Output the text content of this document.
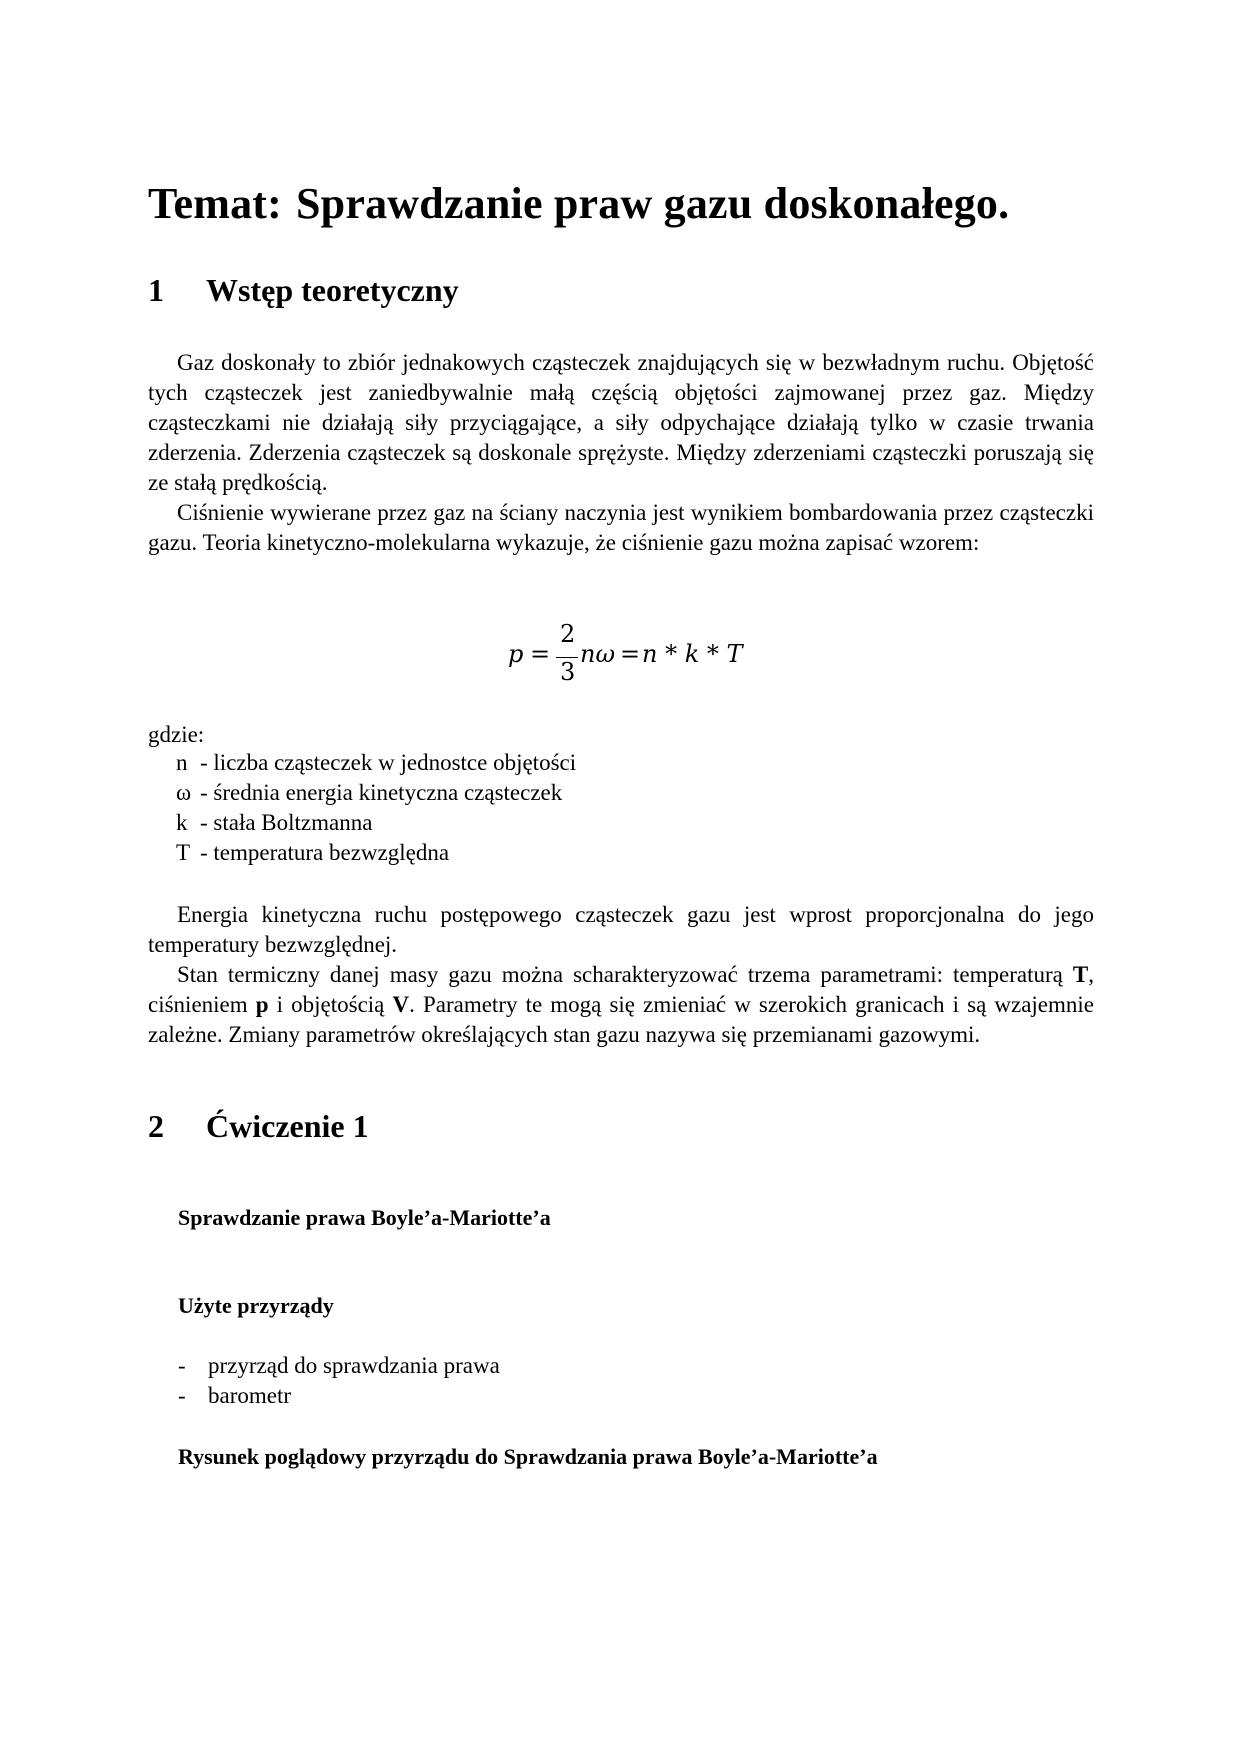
Temat: Sprawdzanie praw gazu doskonałego.
1 Wstęp teoretyczny

Gaz doskonały to zbiór jednakowych cząsteczek znajdujących się w bezwładnym ruchu. Objętość tych cząsteczek jest zaniedbywalnie małą częścią objętości zajmowanej przez gaz. Między cząsteczkami nie działają siły przyciągające, a siły odpychające działają tylko w czasie trwania zderzenia. Zderzenia cząsteczek są doskonale sprężyste. Między zderzeniami cząsteczki poruszają się ze stałą prędkością.

Ciśnienie wywierane przez gaz na ściany naczynia jest wynikiem bombardowania przez cząsteczki gazu. Teoria kinetyczno-molekularna wykazuje, że ciśnienie gazu można zapisać wzorem:

p =
2
3
nω = n * k * T
gdzie:
n - liczba cząsteczek w jednostce objętości
ω - średnia energia kinetyczna cząsteczek
k - stała Boltzmanna
T - temperatura bezwzględna

Energia kinetyczna ruchu postępowego cząsteczek gazu jest wprost proporcjonalna do jego temperatury bezwzględnej.

Stan termiczny danej masy gazu można scharakteryzować trzema parametrami: temperaturą T, ciśnieniem p i objętością V. Parametry te mogą się zmieniać w szerokich granicach i są wzajemnie zależne. Zmiany parametrów określających stan gazu nazywa się przemianami gazowymi.

2 Ćwiczenie 1
Sprawdzanie prawa Boyle’a-Mariotte’a
Użyte przyrządy
- przyrząd do sprawdzania prawa
- barometr
Rysunek poglądowy przyrządu do Sprawdzania prawa Boyle’a-Mariotte’a
